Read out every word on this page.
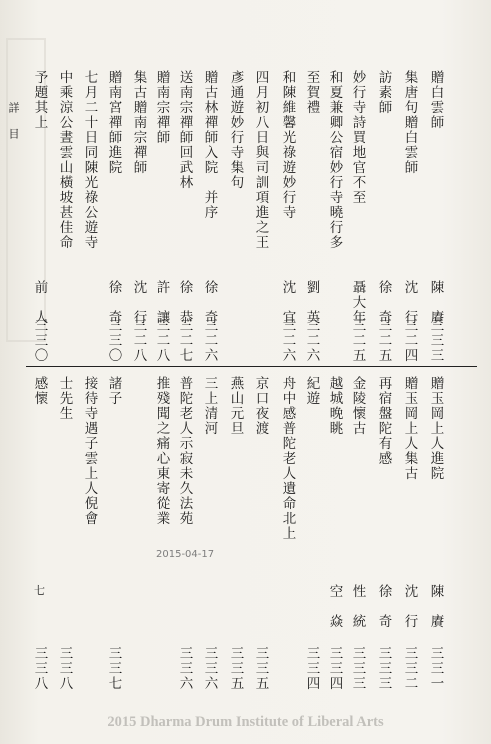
詳　目	贈白雲師
集唐句贈白雲師
訪素師
妙行寺詩買地官不至
和夏兼卿公宿妙行寺曉行多
至賀禮
和陳維馨光祿遊妙行寺
四月初八日與司訓項進之王
彥通遊妙行寺集句
贈古林禪師入院　并序
送南宗禪師回武林
贈南宗禪師
集古贈南宗禪師
贈南宮禪師進院
七月二十日同陳光祿公遊寺
中乘涼公晝雲山橫坡甚佳命
予題其上
陳　賡
沈　行
徐　奇
聶大年
劉　英
沈　宜
徐　奇
徐　恭
許　讓
沈　行
徐　奇
前　人
三三三
三二四
三二五
三二五
三二六
三二六
三二六
三二七
三二八
三二八
三三〇
三三〇
贈玉岡上人進院
贈玉岡上人集古
再宿盤陀有感
金陵懷古
越城晚眺
紀遊
舟中感普陀老人遺命北上
京口夜渡
燕山元旦
三上清河
普陀老人示寂未久法苑
推殘聞之痛心東寄從業
諸子
接待寺遇子雲上人倪會
士先生
感懷
陳　賡
沈　行
徐　奇
性　統
空　焱
三三一
三三二
三三三
三三三
三三四
三三四
三三五
三三五
三三六
三三六
三三七
三三八
三三八
七
2015-04-17
2015 Dharma Drum Institute of Liberal Arts
